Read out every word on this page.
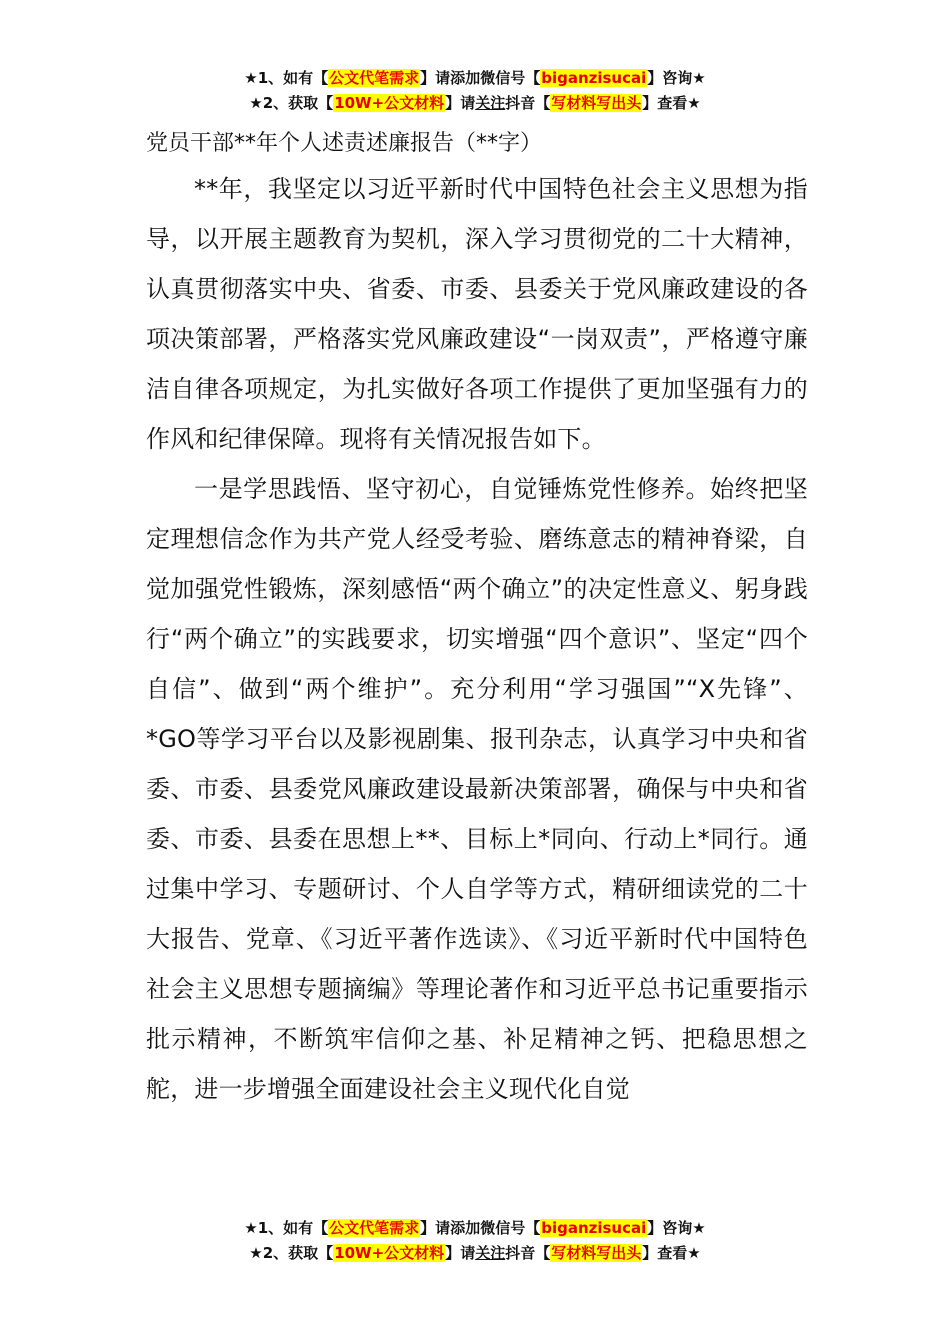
★1、如有【公文代笔需求】请添加微信号【biganzisucai】咨询★
★2、获取【10W+公文材料】请关注抖音【写材料写出头】查看★

党员干部**年个人述责述廉报告（**字）

**年，我坚定以习近平新时代中国特色社会主义思想为指导，以开展主题教育为契机，深入学习贯彻党的二十大精神，认真贯彻落实中央、省委、市委、县委关于党风廉政建设的各项决策部署，严格落实党风廉政建设“一岗双责”，严格遵守廉洁自律各项规定，为扎实做好各项工作提供了更加坚强有力的作风和纪律保障。现将有关情况报告如下。

一是学思践悟、坚守初心，自觉锤炼党性修养。始终把坚定理想信念作为共产党人经受考验、磨练意志的精神脊梁，自觉加强党性锻炼，深刻感悟“两个确立”的决定性意义、躬身践行“两个确立”的实践要求，切实增强“四个意识”、坚定“四个自信”、做到“两个维护”。充分利用“学习强国”“X先锋”、*GO等学习平台以及影视剧集、报刊杂志，认真学习中央和省委、市委、县委党风廉政建设最新决策部署，确保与中央和省委、市委、县委在思想上**、目标上*同向、行动上*同行。通过集中学习、专题研讨、个人自学等方式，精研细读党的二十大报告、党章、《习近平著作选读》、《习近平新时代中国特色社会主义思想专题摘编》等理论著作和习近平总书记重要指示批示精神，不断筑牢信仰之基、补足精神之钙、把稳思想之舵，进一步增强全面建设社会主义现代化自觉

★1、如有【公文代笔需求】请添加微信号【biganzisucai】咨询★
★2、获取【10W+公文材料】请关注抖音【写材料写出头】查看★
